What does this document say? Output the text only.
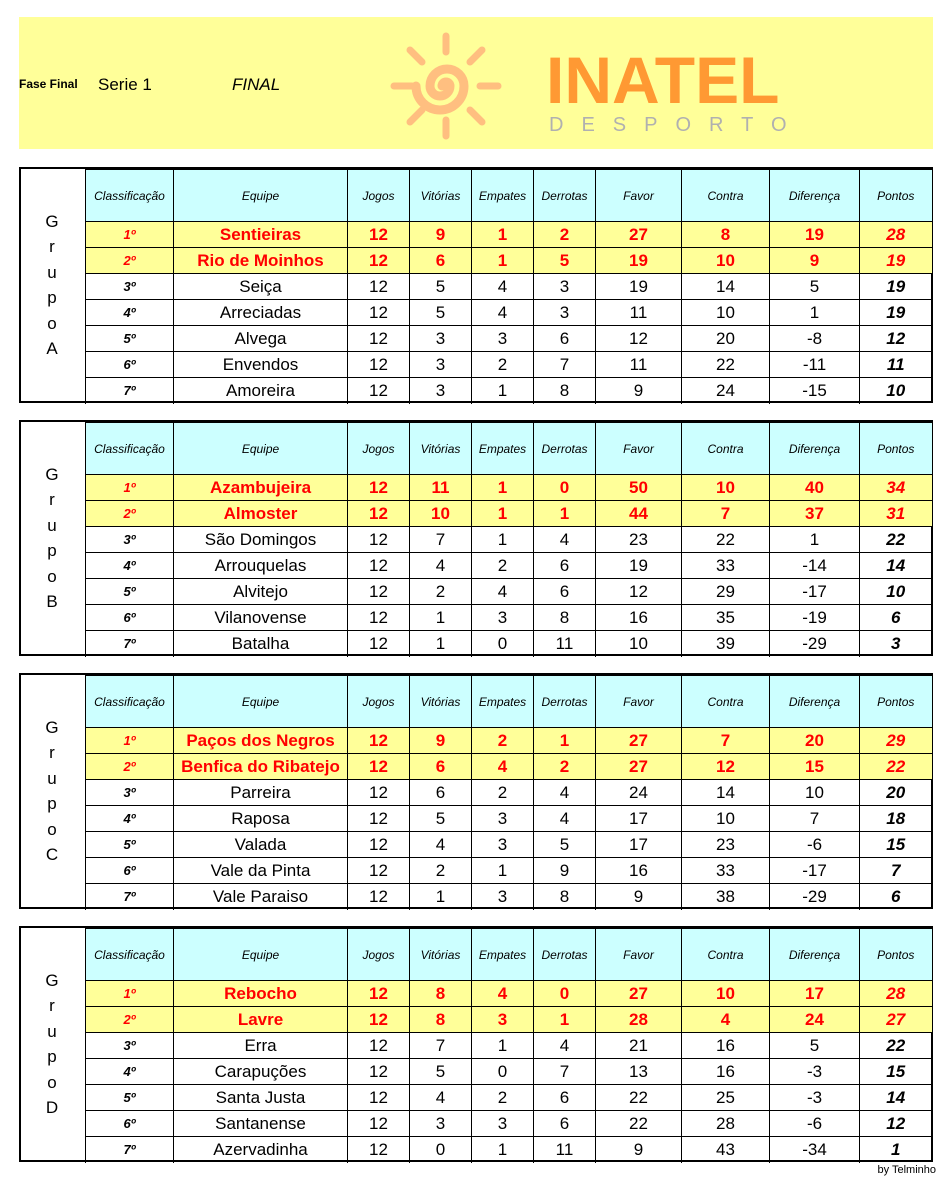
Fase Final Serie 1	FINAL	INATEL
DESPORTO
G
r
u
p
o
A
Classificação	Equipe	Jogos	Vitórias	Empates	Derrotas	Favor	Contra	Diferença	Pontos
1º	Sentieiras	12	9	1	2	27	8	19	28
2º	Rio de Moinhos	12	6	1	5	19	10	9	19
3º	Seiça	12	5	4	3	19	14	5	19
4º	Arreciadas	12	5	4	3	11	10	1	19
5º	Alvega	12	3	3	6	12	20	-8	12
6º	Envendos	12	3	2	7	11	22	-11	11
7º	Amoreira	12	3	1	8	9	24	-15	10
G
r
u
p
o
B
Classificação	Equipe	Jogos	Vitórias	Empates	Derrotas	Favor	Contra	Diferença	Pontos
1º	Azambujeira	12	11	1	0	50	10	40	34
2º	Almoster	12	10	1	1	44	7	37	31
3º	São Domingos	12	7	1	4	23	22	1	22
4º	Arrouquelas	12	4	2	6	19	33	-14	14
5º	Alvitejo	12	2	4	6	12	29	-17	10
6º	Vilanovense	12	1	3	8	16	35	-19	6
7º	Batalha	12	1	0	11	10	39	-29	3
G
r
u
p
o
C
Classificação	Equipe	Jogos	Vitórias	Empates	Derrotas	Favor	Contra	Diferença	Pontos
1º	Paços dos Negros	12	9	2	1	27	7	20	29
2º	Benfica do Ribatejo	12	6	4	2	27	12	15	22
3º	Parreira	12	6	2	4	24	14	10	20
4º	Raposa	12	5	3	4	17	10	7	18
5º	Valada	12	4	3	5	17	23	-6	15
6º	Vale da Pinta	12	2	1	9	16	33	-17	7
7º	Vale Paraiso	12	1	3	8	9	38	-29	6
G
r
u
p
o
D
Classificação	Equipe	Jogos	Vitórias	Empates	Derrotas	Favor	Contra	Diferença	Pontos
1º	Rebocho	12	8	4	0	27	10	17	28
2º	Lavre	12	8	3	1	28	4	24	27
3º	Erra	12	7	1	4	21	16	5	22
4º	Carapuções	12	5	0	7	13	16	-3	15
5º	Santa Justa	12	4	2	6	22	25	-3	14
6º	Santanense	12	3	3	6	22	28	-6	12
7º	Azervadinha	12	0	1	11	9	43	-34	1
by Telminho
